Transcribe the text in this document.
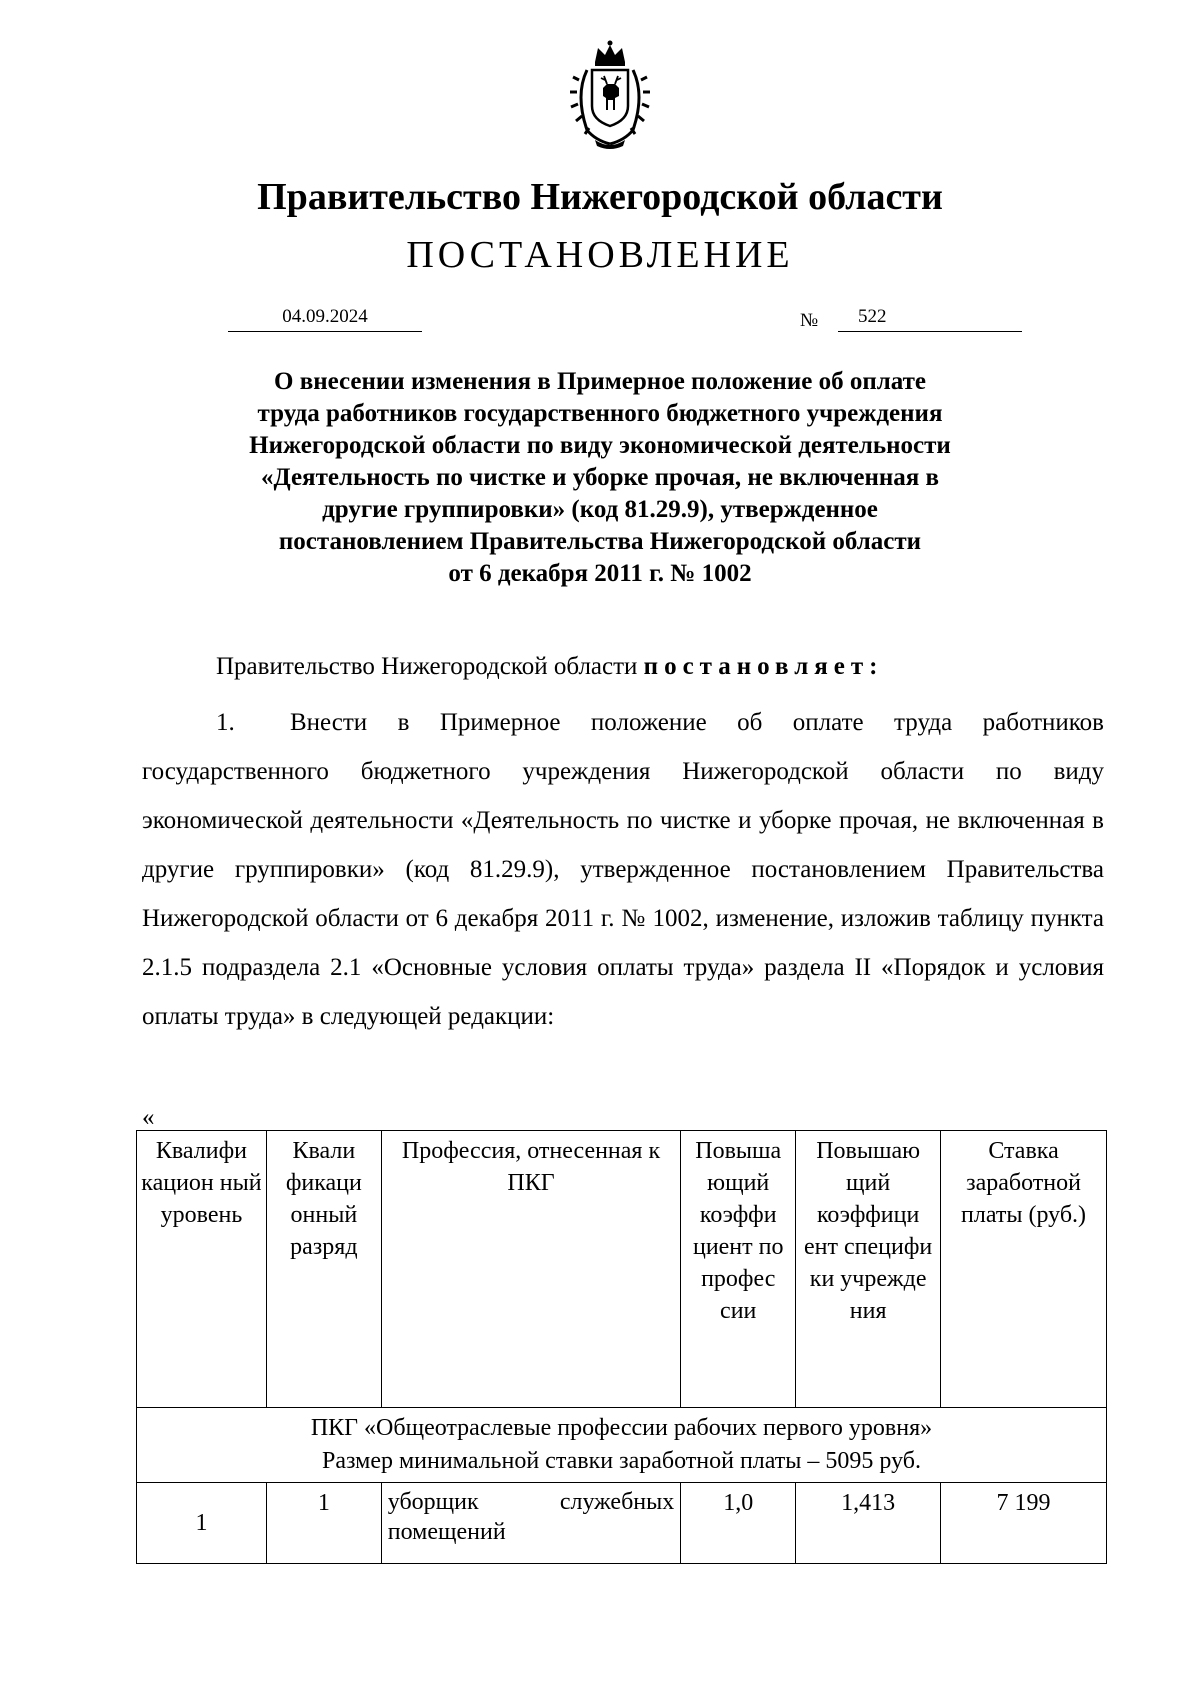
Правительство Нижегородской области
ПОСТАНОВЛЕНИЕ
04.09.2024	№	522
О внесении изменения в Примерное положение об оплате
труда работников государственного бюджетного учреждения
Нижегородской области по виду экономической деятельности
«Деятельность по чистке и уборке прочая, не включенная в
другие группировки» (код 81.29.9), утвержденное
постановлением Правительства Нижегородской области
от 6 декабря 2011 г. № 1002
Правительство Нижегородской области постановляет:
1. Внести в Примерное положение об оплате труда работников государственного бюджетного учреждения Нижегородской области по виду экономической деятельности «Деятельность по чистке и уборке прочая, не включенная в другие группировки» (код 81.29.9), утвержденное постановлением Правительства Нижегородской области от 6 декабря 2011 г. № 1002, изменение, изложив таблицу пункта 2.1.5 подраздела 2.1 «Основные условия оплаты труда» раздела II «Порядок и условия оплаты труда» в следующей редакции:
«
Квалифи кацион ный уровень	Квали фикаци онный разряд	Профессия, отнесенная к ПКГ	Повыша ющий коэффи циент по профес сии	Повышаю щий коэффици ент специфи ки учрежде ния	Ставка заработной платы (руб.)

ПКГ «Общеотраслевые профессии рабочих первого уровня»
Размер минимальной ставки заработной платы – 5095 руб.					

1	1	уборщик служебных помещений	1,0	1,413	7 199
